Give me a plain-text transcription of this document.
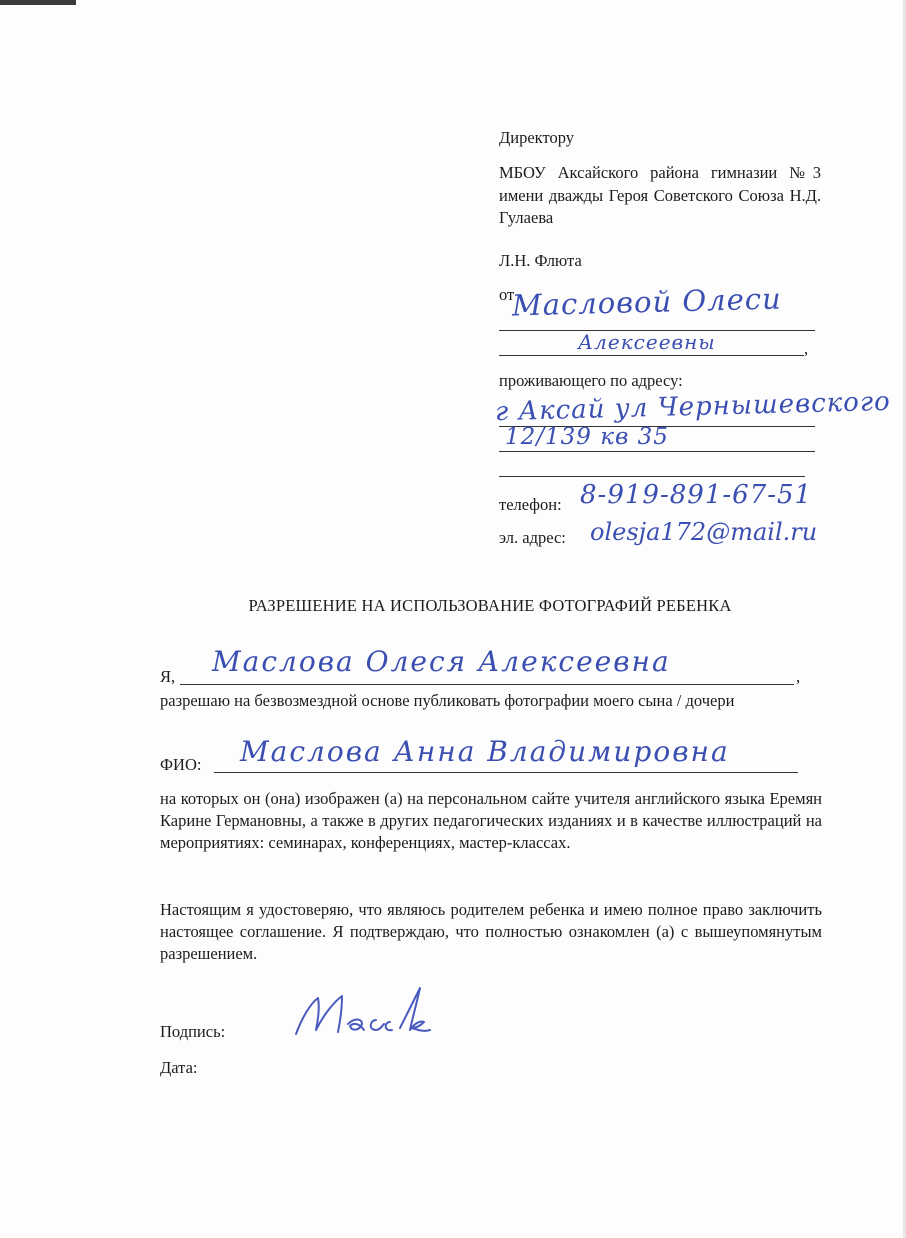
Директору
МБОУ Аксайского района гимназии №3 имени дважды Героя Советского Союза Н.Д. Гулаева
Л.Н. Флюта
от
Масловой Олеси
Алексеевны	,
проживающего по адресу:
г Аксай ул Чернышевского
12/139 кв 35
телефон: 8-919-891-67-51
эл. адрес: olesja172@mail.ru
РАЗРЕШЕНИЕ НА ИСПОЛЬЗОВАНИЕ ФОТОГРАФИЙ РЕБЕНКА
Я, Маслова Олеся Алексеевна	,
разрешаю на безвозмездной основе публиковать фотографии моего сына / дочери
ФИО: Маслова Анна Владимировна
на которых он (она) изображен (а) на персональном сайте учителя английского языка Еремян Карине Германовны, а также в других педагогических изданиях и в качестве иллюстраций на мероприятиях: семинарах, конференциях, мастер-классах.
Настоящим я удостоверяю, что являюсь родителем ребенка и имею полное право заключить настоящее соглашение. Я подтверждаю, что полностью ознакомлен (а) с вышеупомянутым разрешением.
Подпись:
Дата:
